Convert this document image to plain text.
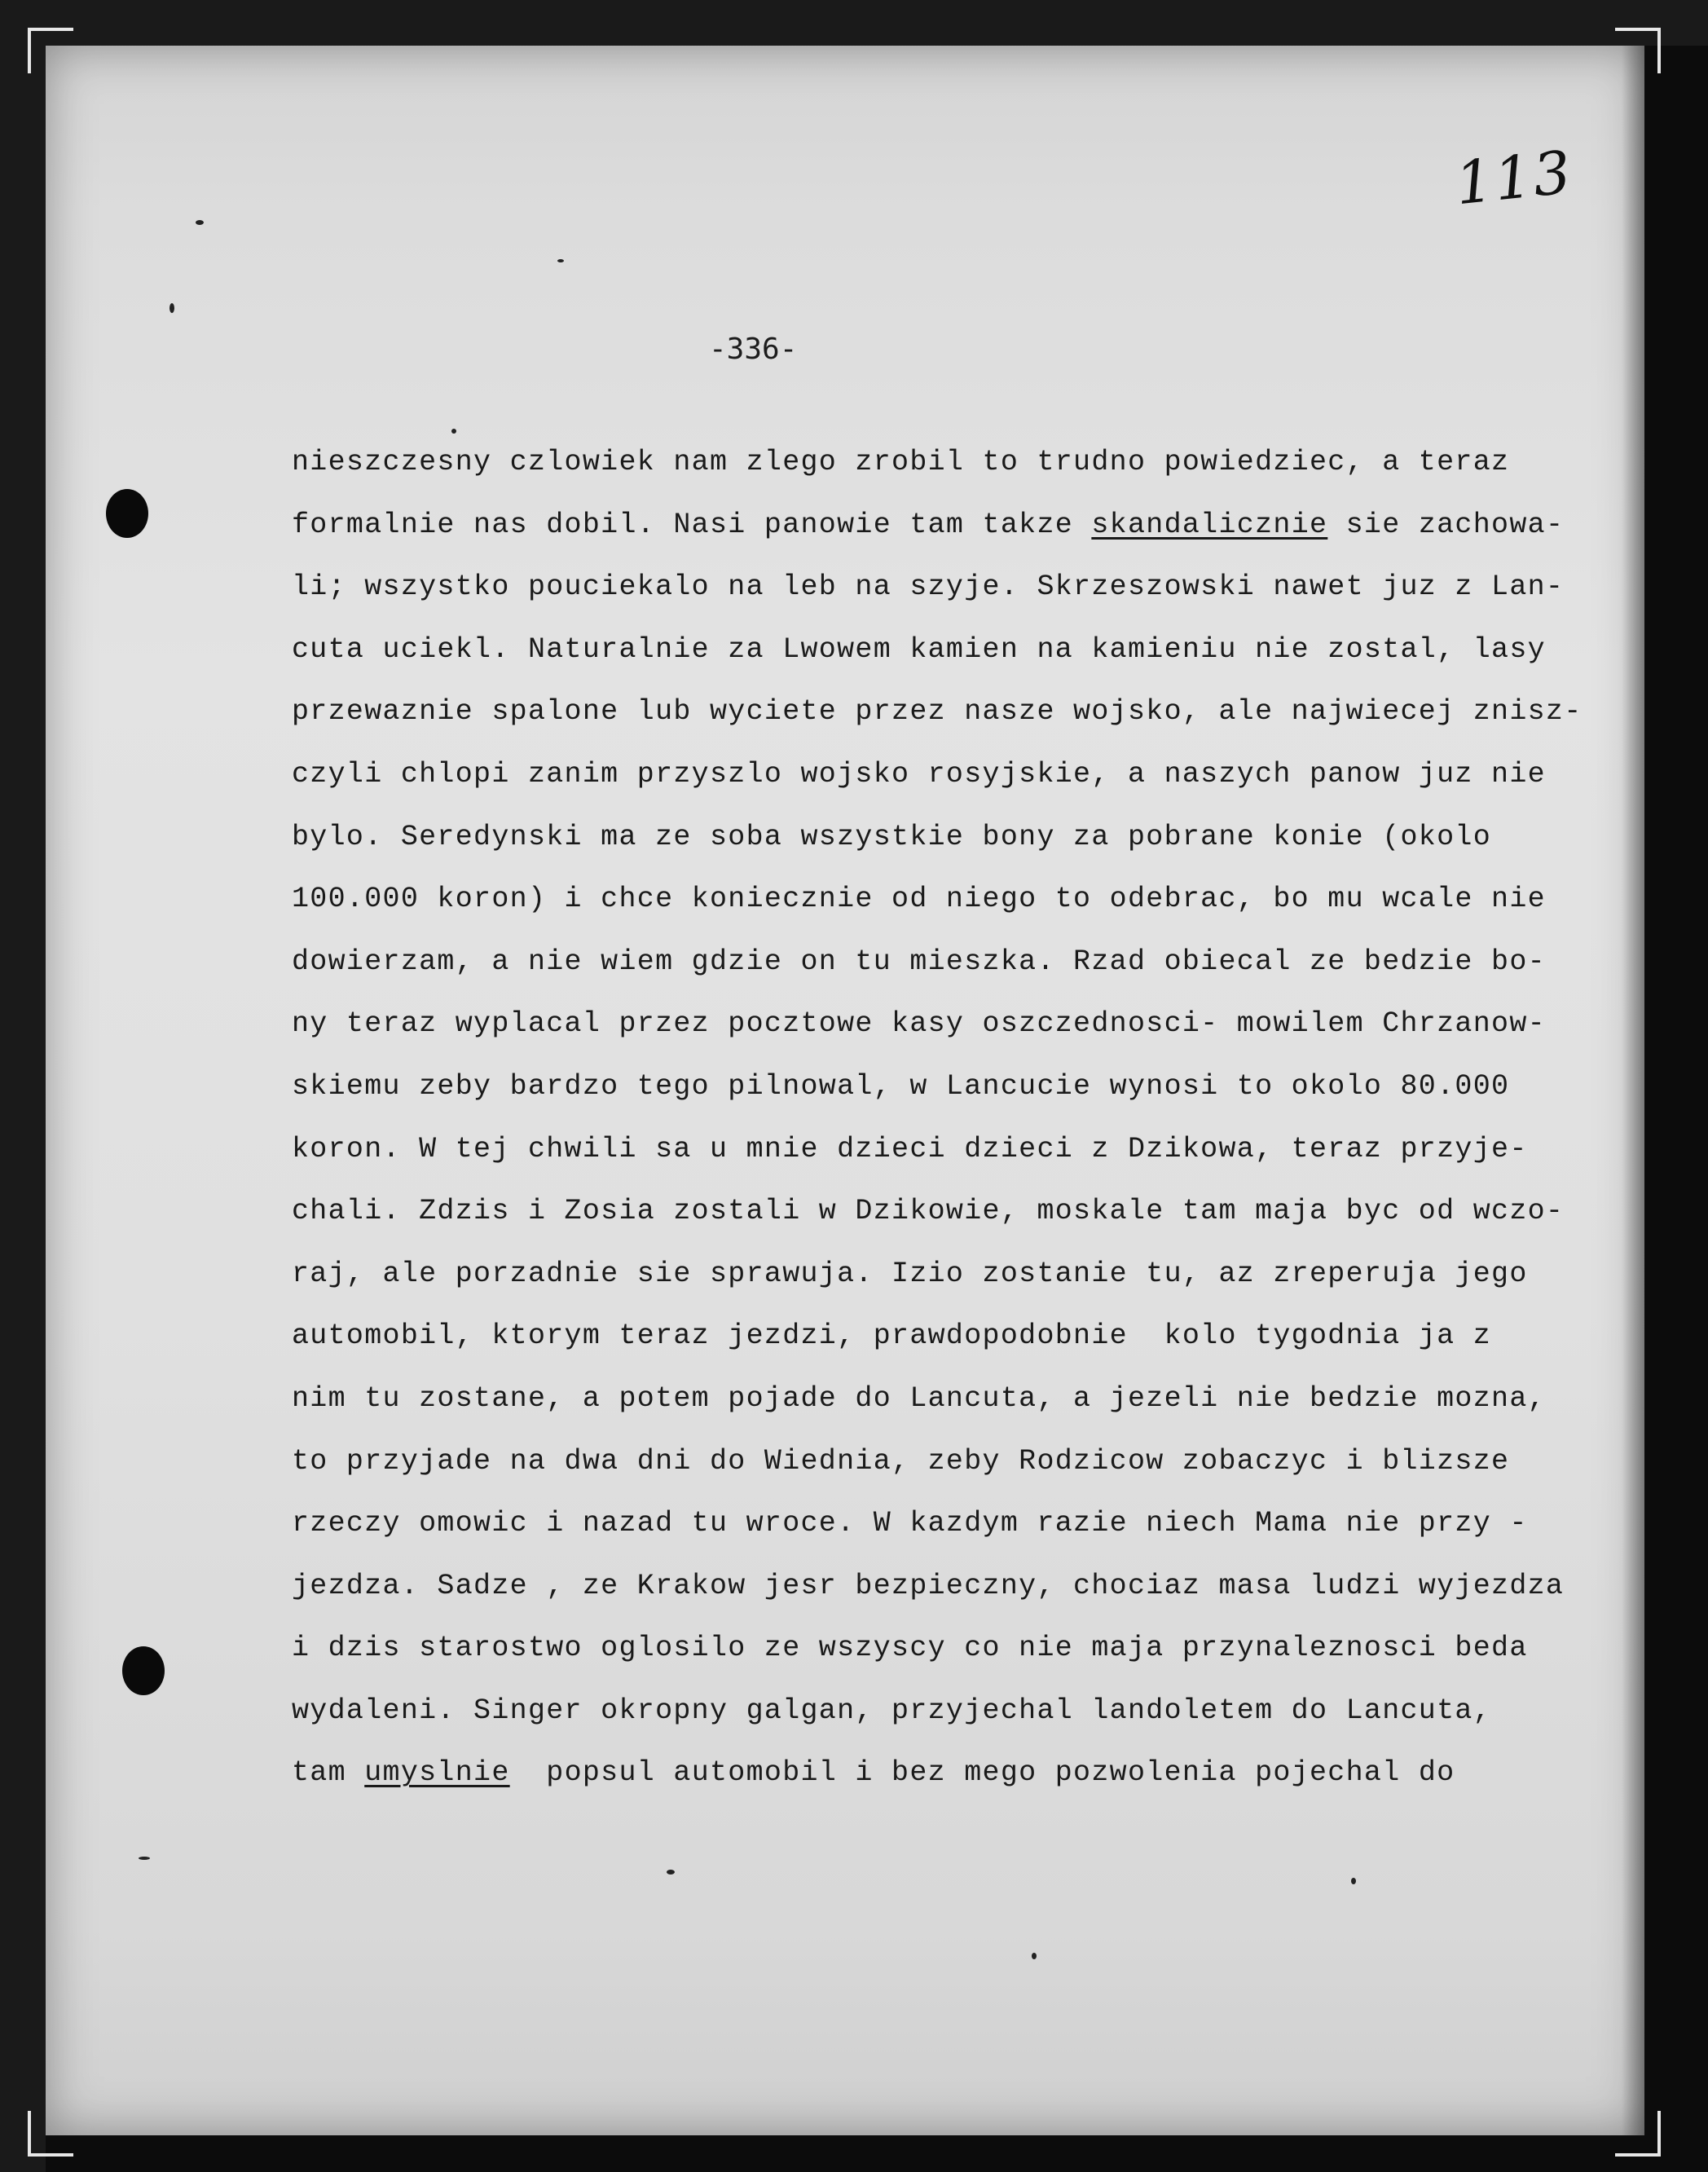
113
-336-
nieszczesny czlowiek nam zlego zrobil to trudno powiedziec, a teraz
formalnie nas dobil. Nasi panowie tam takze skandalicznie sie zachowa-
li; wszystko pouciekalo na leb na szyje. Skrzeszowski nawet juz z Lan-
cuta uciekl. Naturalnie za Lwowem kamien na kamieniu nie zostal, lasy
przewaznie spalone lub wyciete przez nasze wojsko, ale najwiecej znisz-
czyli chlopi zanim przyszlo wojsko rosyjskie, a naszych panow juz nie
bylo. Seredynski ma ze soba wszystkie bony za pobrane konie (okolo
100.000 koron) i chce koniecznie od niego to odebrac, bo mu wcale nie
dowierzam, a nie wiem gdzie on tu mieszka. Rzad obiecal ze bedzie bo-
ny teraz wyplacal przez pocztowe kasy oszczednosci- mowilem Chrzanow-
skiemu zeby bardzo tego pilnowal, w Lancucie wynosi to okolo 80.000
koron. W tej chwili sa u mnie dzieci dzieci z Dzikowa, teraz przyje-
chali. Zdzis i Zosia zostali w Dzikowie, moskale tam maja byc od wczo-
raj, ale porzadnie sie sprawuja. Izio zostanie tu, az zreperuja jego
automobil, ktorym teraz jezdzi, prawdopodobnie  kolo tygodnia ja z
nim tu zostane, a potem pojade do Lancuta, a jezeli nie bedzie mozna,
to przyjade na dwa dni do Wiednia, zeby Rodzicow zobaczyc i blizsze
rzeczy omowic i nazad tu wroce. W kazdym razie niech Mama nie przy -
jezdza. Sadze , ze Krakow jesr bezpieczny, chociaz masa ludzi wyjezdza
i dzis starostwo oglosilo ze wszyscy co nie maja przynaleznosci beda
wydaleni. Singer okropny galgan, przyjechal landoletem do Lancuta,
tam umyslnie  popsul automobil i bez mego pozwolenia pojechal do
